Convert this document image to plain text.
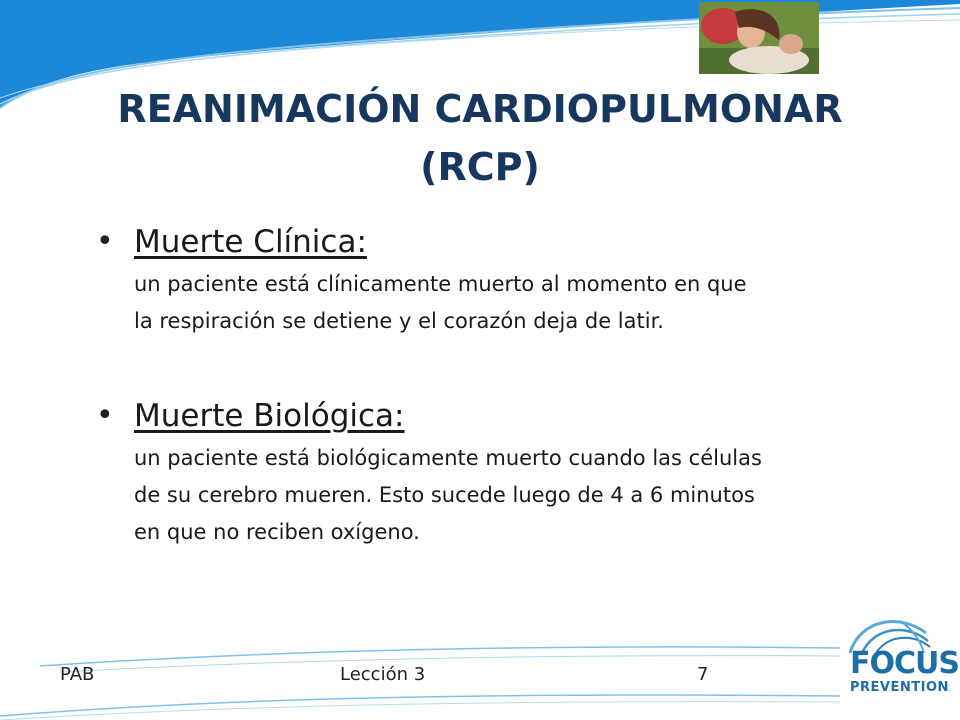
REANIMACIÓN CARDIOPULMONAR
(RCP)
• Muerte Clínica:
un paciente está clínicamente muerto al momento en que
la respiración se detiene y el corazón deja de latir.
• Muerte Biológica:
un paciente está biológicamente muerto cuando las células
de su cerebro mueren. Esto sucede luego de 4 a 6 minutos
en que no reciben oxígeno.
PAB	Lección 3	7	FOCUS
PREVENTION
